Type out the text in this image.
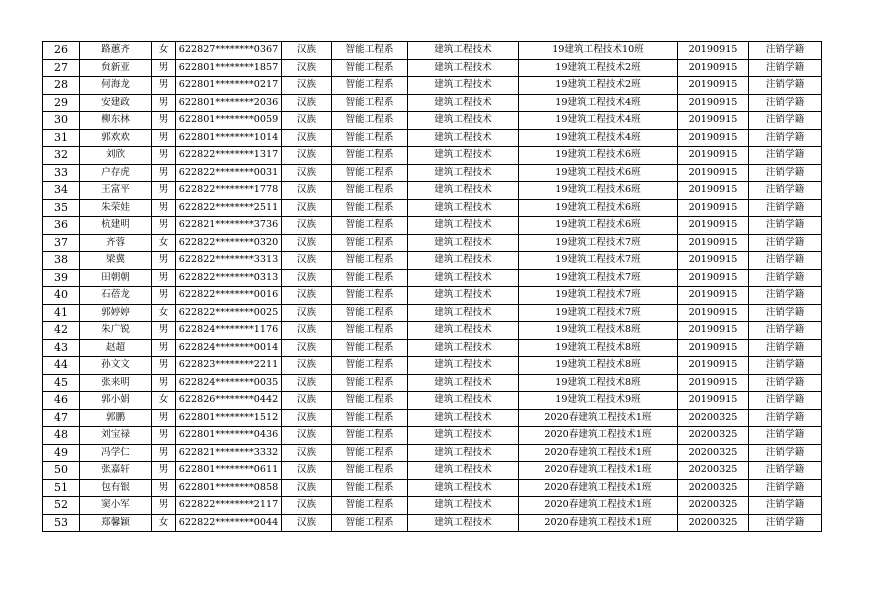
26	路蕙齐	女	622827********0367	汉族	智能工程系	建筑工程技术	19建筑工程技术10班	20190915	注销学籍
27	贠新亚	男	622801********1857	汉族	智能工程系	建筑工程技术	19建筑工程技术2班	20190915	注销学籍
28	何海龙	男	622801********0217	汉族	智能工程系	建筑工程技术	19建筑工程技术2班	20190915	注销学籍
29	安建政	男	622801********2036	汉族	智能工程系	建筑工程技术	19建筑工程技术4班	20190915	注销学籍
30	柳东林	男	622801********0059	汉族	智能工程系	建筑工程技术	19建筑工程技术4班	20190915	注销学籍
31	郭欢欢	男	622801********1014	汉族	智能工程系	建筑工程技术	19建筑工程技术4班	20190915	注销学籍
32	刘欣	男	622822********1317	汉族	智能工程系	建筑工程技术	19建筑工程技术6班	20190915	注销学籍
33	户存虎	男	622822********0031	汉族	智能工程系	建筑工程技术	19建筑工程技术6班	20190915	注销学籍
34	王富平	男	622822********1778	汉族	智能工程系	建筑工程技术	19建筑工程技术6班	20190915	注销学籍
35	朱荣娃	男	622822********2511	汉族	智能工程系	建筑工程技术	19建筑工程技术6班	20190915	注销学籍
36	杭建明	男	622821********3736	汉族	智能工程系	建筑工程技术	19建筑工程技术6班	20190915	注销学籍
37	齐蓉	女	622822********0320	汉族	智能工程系	建筑工程技术	19建筑工程技术7班	20190915	注销学籍
38	梁冀	男	622822********3313	汉族	智能工程系	建筑工程技术	19建筑工程技术7班	20190915	注销学籍
39	田朝朝	男	622822********0313	汉族	智能工程系	建筑工程技术	19建筑工程技术7班	20190915	注销学籍
40	石蓓龙	男	622822********0016	汉族	智能工程系	建筑工程技术	19建筑工程技术7班	20190915	注销学籍
41	郭婷婷	女	622822********0025	汉族	智能工程系	建筑工程技术	19建筑工程技术7班	20190915	注销学籍
42	朱广锐	男	622824********1176	汉族	智能工程系	建筑工程技术	19建筑工程技术8班	20190915	注销学籍
43	赵超	男	622824********0014	汉族	智能工程系	建筑工程技术	19建筑工程技术8班	20190915	注销学籍
44	孙文文	男	622823********2211	汉族	智能工程系	建筑工程技术	19建筑工程技术8班	20190915	注销学籍
45	张来明	男	622824********0035	汉族	智能工程系	建筑工程技术	19建筑工程技术8班	20190915	注销学籍
46	郭小娟	女	622826********0442	汉族	智能工程系	建筑工程技术	19建筑工程技术9班	20190915	注销学籍
47	郭鹏	男	622801********1512	汉族	智能工程系	建筑工程技术	2020春建筑工程技术1班	20200325	注销学籍
48	刘宝禄	男	622801********0436	汉族	智能工程系	建筑工程技术	2020春建筑工程技术1班	20200325	注销学籍
49	冯学仁	男	622821********3332	汉族	智能工程系	建筑工程技术	2020春建筑工程技术1班	20200325	注销学籍
50	张嘉轩	男	622801********0611	汉族	智能工程系	建筑工程技术	2020春建筑工程技术1班	20200325	注销学籍
51	包有银	男	622801********0858	汉族	智能工程系	建筑工程技术	2020春建筑工程技术1班	20200325	注销学籍
52	窦小军	男	622822********2117	汉族	智能工程系	建筑工程技术	2020春建筑工程技术1班	20200325	注销学籍
53	郑馨颖	女	622822********0044	汉族	智能工程系	建筑工程技术	2020春建筑工程技术1班	20200325	注销学籍
